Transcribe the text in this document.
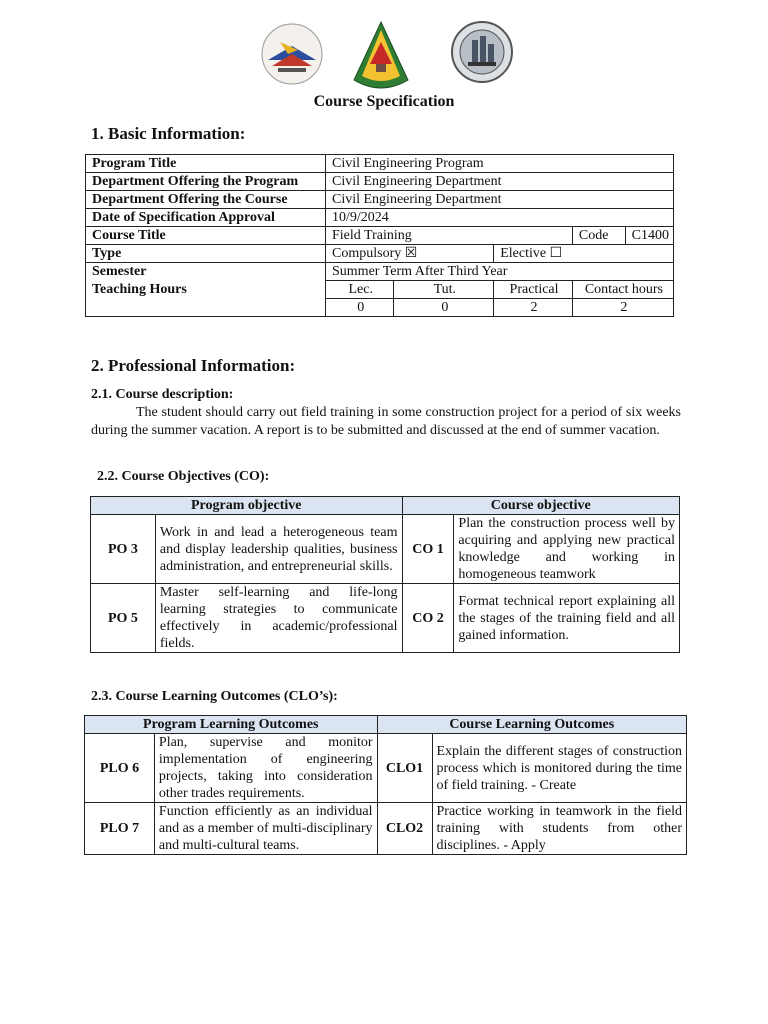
Course Specification
1. Basic Information:
Program Title	Civil Engineering Program				
Department Offering the Program	Civil Engineering Department				
Department Offering the Course	Civil Engineering Department				
Date of Specification Approval	10/9/2024				
Course Title	Field Training			Code	C1400
Type	Compulsory ☒		Elective ☐		
Semester	Summer Term After Third Year				
Teaching Hours	Lec.	Tut.	Practical	Contact hours	
	0	0	2	2	
2. Professional Information:
2.1. Course description:
The student should carry out field training in some construction project for a period of six weeks during the summer vacation. A report is to be submitted and discussed at the end of summer vacation.
2.2. Course Objectives (CO):
Program objective		Course objective	
PO 3	Work in and lead a heterogeneous team and display leadership qualities, business administration, and entrepreneurial skills.	CO 1	Plan the construction process well by acquiring and applying new practical knowledge and working in homogeneous teamwork
PO 5	Master self-learning and life-long learning strategies to communicate effectively in academic/professional fields.	CO 2	Format technical report explaining all the stages of the training field and all gained information.
2.3. Course Learning Outcomes (CLO’s):
Program Learning Outcomes		Course Learning Outcomes	
PLO 6	Plan, supervise and monitor implementation of engineering projects, taking into consideration other trades requirements.	CLO1	Explain the different stages of construction process which is monitored during the time of field training. - Create
PLO 7	Function efficiently as an individual and as a member of multi-disciplinary and multi-cultural teams.	CLO2	Practice working in teamwork in the field training with students from other disciplines. - Apply
